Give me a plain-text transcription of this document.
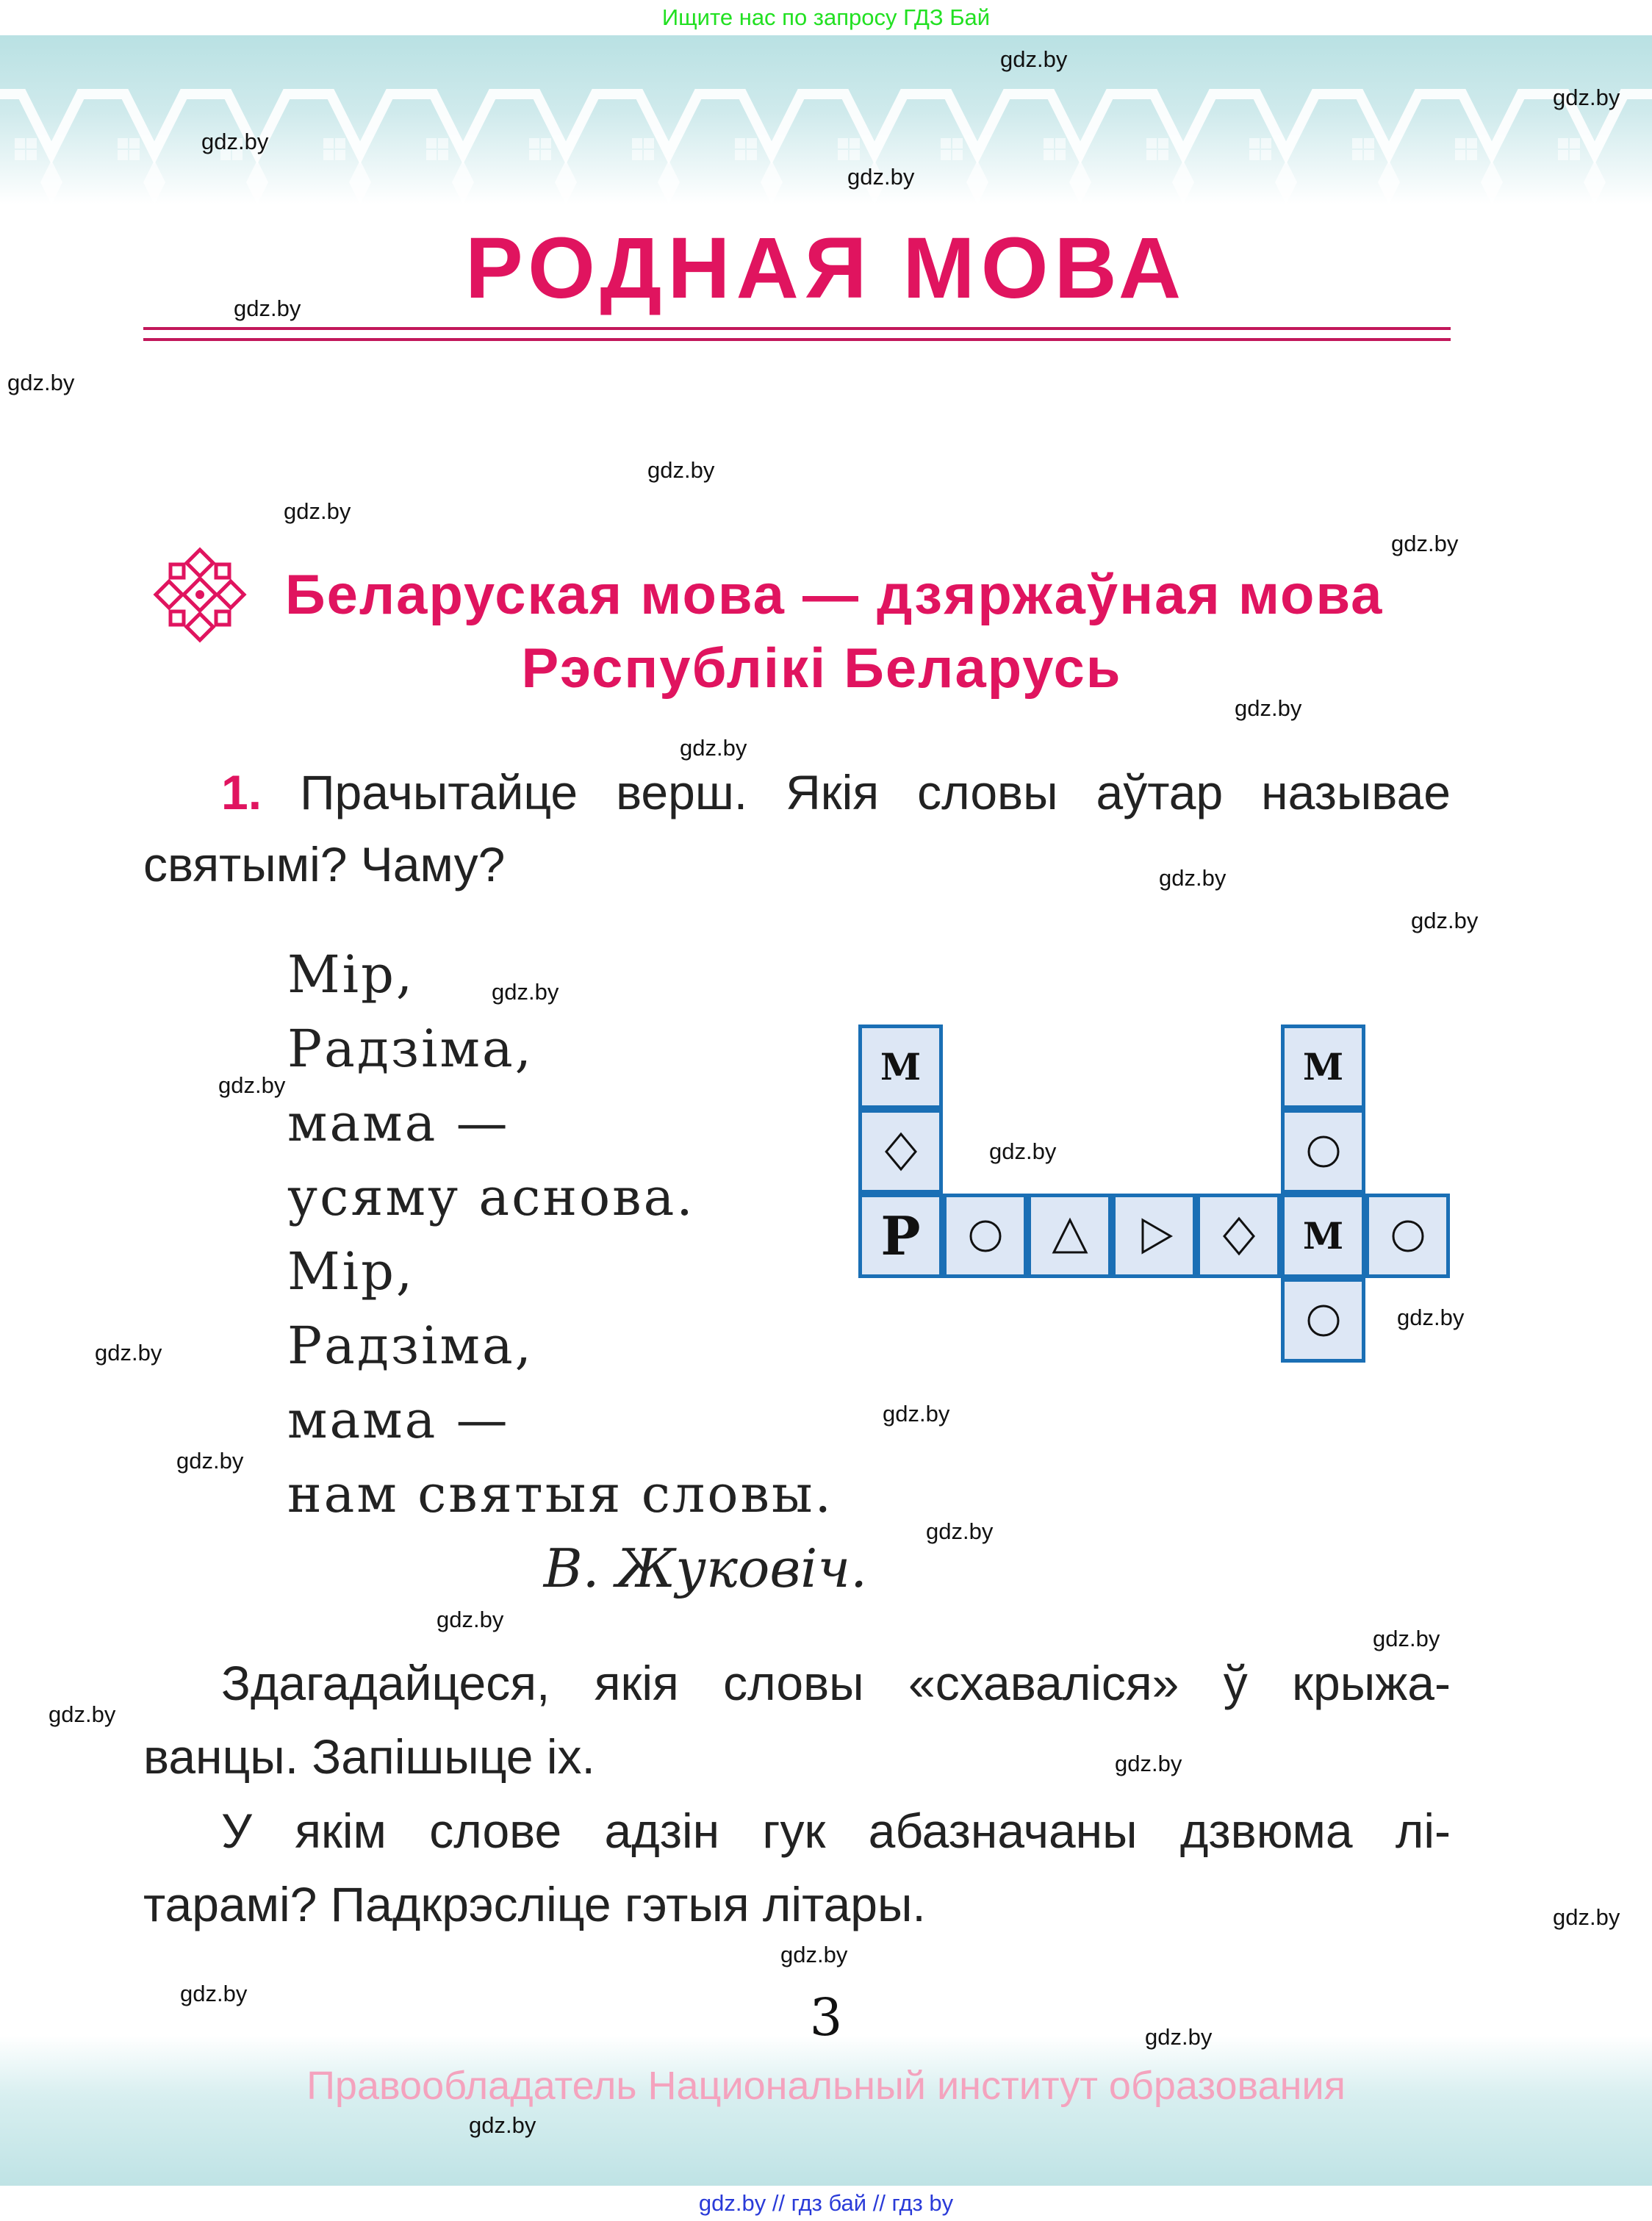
Ищите нас по запросу ГДЗ Бай
РОДНАЯ МОВА
Беларуская мова — дзяржаўная мова
Рэспублікі Беларусь
1. Прачытайце верш. Якія словы аўтар называе
святымі? Чаму?
Мір,
Радзіма,
мама —
усяму аснова.
Мір,
Радзіма,
мама —
нам святыя словы.
В. Жуковіч.
М
Р
М
М
Здагадайцеся, якія словы «схаваліся» ў крыжа-
ванцы. Запішыце іх.
У якім слове адзін гук абазначаны дзвюма лі-
тарамі? Падкрэсліце гэтыя літары.
3
Правообладатель Национальный институт образования
gdz.by // гдз бай // гдз by
gdz.by
gdz.by
gdz.by
gdz.by
gdz.by
gdz.by
gdz.by
gdz.by
gdz.by
gdz.by
gdz.by
gdz.by
gdz.by
gdz.by
gdz.by
gdz.by
gdz.by
gdz.by
gdz.by
gdz.by
gdz.by
gdz.by
gdz.by
gdz.by
gdz.by
gdz.by
gdz.by
gdz.by
gdz.by
gdz.by
